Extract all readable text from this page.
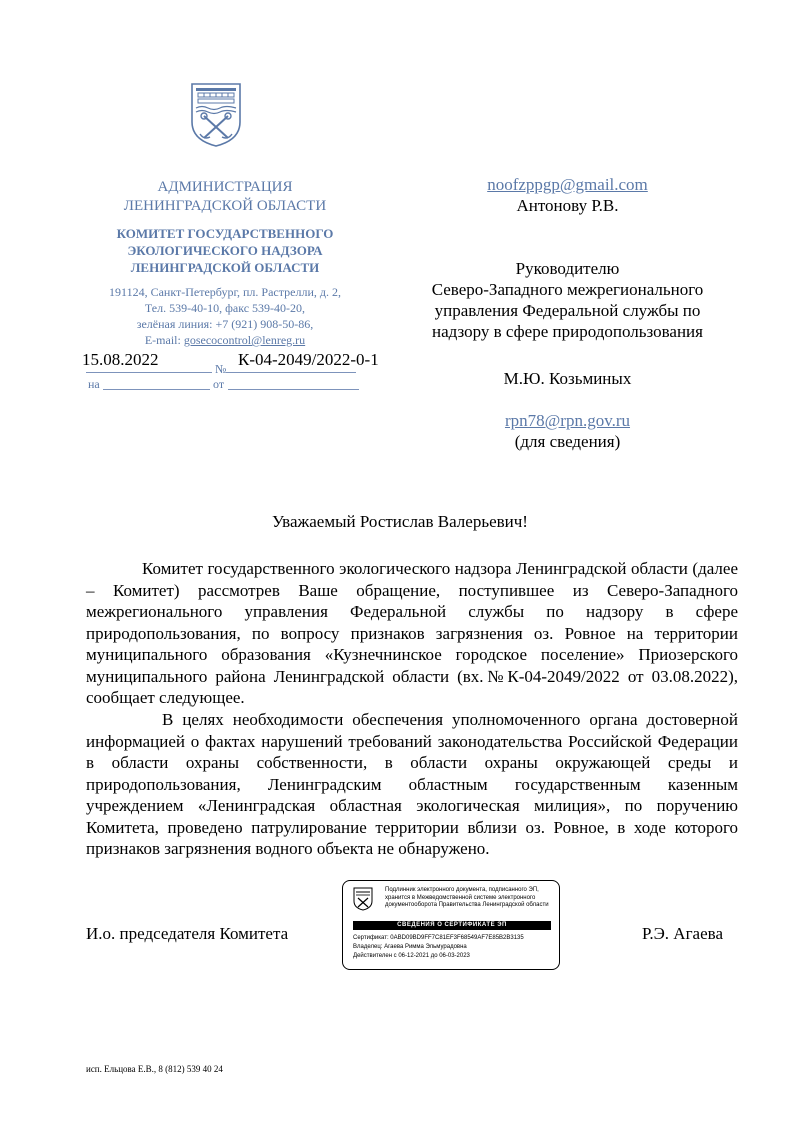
АДМИНИСТРАЦИЯ
ЛЕНИНГРАДСКОЙ ОБЛАСТИ
КОМИТЕТ ГОСУДАРСТВЕННОГО
ЭКОЛОГИЧЕСКОГО НАДЗОРА
ЛЕНИНГРАДСКОЙ ОБЛАСТИ
191124, Санкт-Петербург, пл. Растрелли, д. 2,
Тел. 539-40-10, факс 539-40-20,
зелёная линия: +7 (921) 908-50-86,
E-mail: gosecocontrol@lenreg.ru
15.08.2022	№ К-04-2049/2022-0-1
на	от
noofzppgp@gmail.com
Антонову Р.В.
Руководителю
Северо-Западного межрегионального
управления Федеральной службы по
надзору в сфере природопользования
М.Ю. Козьминых
rpn78@rpn.gov.ru
(для сведения)
Уважаемый Ростислав Валерьевич!
Комитет государственного экологического надзора Ленинградской области (далее – Комитет) рассмотрев Ваше обращение, поступившее из Северо-Западного межрегионального управления Федеральной службы по надзору в сфере природопользования, по вопросу признаков загрязнения оз. Ровное на территории муниципального образования «Кузнечнинское городское поселение» Приозерского муниципального района Ленинградской области (вх.№К-04-2049/2022 от 03.08.2022), сообщает следующее.
В целях необходимости обеспечения уполномоченного органа достоверной информацией о фактах нарушений требований законодательства Российской Федерации в области охраны собственности, в области охраны окружающей среды и природопользования, Ленинградским областным государственным казенным учреждением «Ленинградская областная экологическая милиция», по поручению Комитета, проведено патрулирование территории вблизи оз. Ровное, в ходе которого признаков загрязнения водного объекта не обнаружено.
И.о. председателя Комитета	Р.Э. Агаева
Подлинник электронного документа, подписанного ЭП,
хранится в Межведомственной системе электронного
документооборота Правительства Ленинградской области
СВЕДЕНИЯ О СЕРТИФИКАТЕ ЭП
Сертификат: 0ABD09BD9FF7C81EF3F68549AF7E85B2B3135
Владелец: Агаева Римма Эльмурадовна
Действителен с 06-12-2021 до 06-03-2023
исп. Ельцова Е.В., 8 (812) 539 40 24
